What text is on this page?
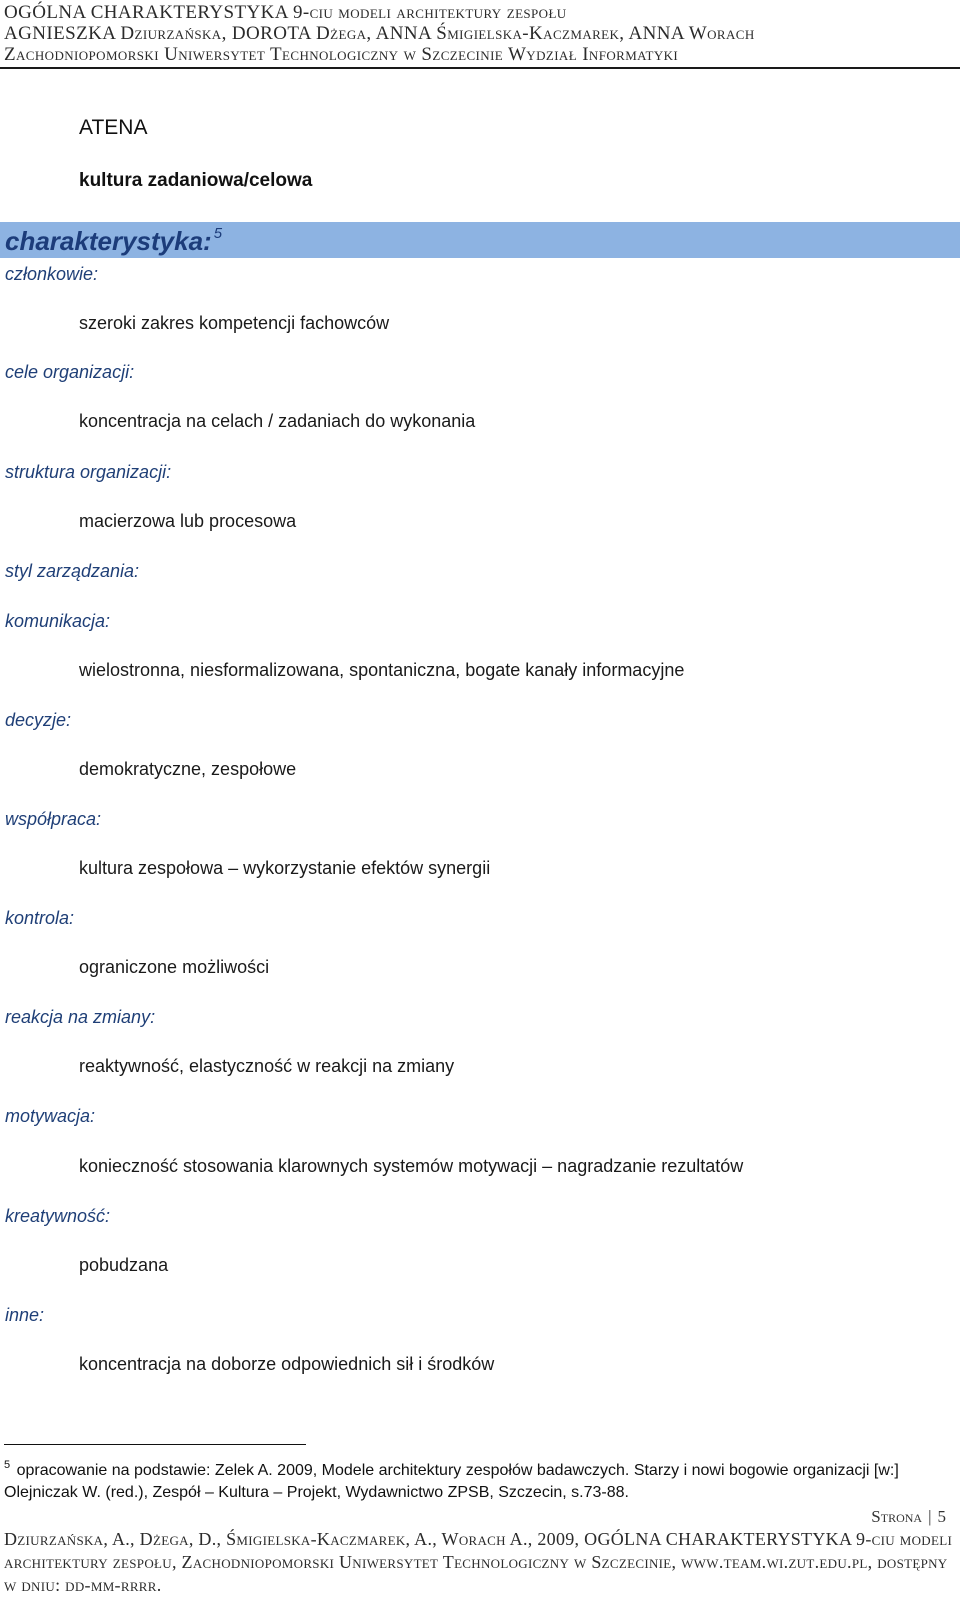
OGÓLNA CHARAKTERYSTYKA 9-ciu modeli architektury zespołu
AGNIESZKA Dziurzańska, DOROTA Dżega, ANNA Śmigielska-Kaczmarek, ANNA Worach
Zachodniopomorski Uniwersytet Technologiczny w Szczecinie Wydział Informatyki
ATENA
kultura zadaniowa/celowa
charakterystyka: $^5$
członkowie:
szeroki zakres kompetencji fachowców
cele organizacji:
koncentracja na celach / zadaniach do wykonania
struktura organizacji:
macierzowa lub procesowa
styl zarządzania:
komunikacja:
wielostronna, niesformalizowana, spontaniczna, bogate kanały informacyjne
decyzje:
demokratyczne, zespołowe
współpraca:
kultura zespołowa – wykorzystanie efektów synergii
kontrola:
ograniczone możliwości
reakcja na zmiany:
reaktywność, elastyczność w reakcji na zmiany
motywacja:
konieczność stosowania klarownych systemów motywacji – nagradzanie rezultatów
kreatywność:
pobudzana
inne:
koncentracja na doborze odpowiednich sił i środków
$^5$ opracowanie na podstawie: Zelek A. 2009, Modele architektury zespołów badawczych. Starzy i nowi bogowie organizacji [w:] Olejniczak W. (red.), Zespół – Kultura – Projekt, Wydawnictwo ZPSB, Szczecin, s.73-88.
Strona | 5
Dziurzańska, A., Dżega, D., Śmigielska-Kaczmarek, A., Worach A., 2009, OGÓLNA CHARAKTERYSTYKA 9-ciu modeli architektury zespołu, Zachodniopomorski Uniwersytet Technologiczny w Szczecinie, www.team.wi.zut.edu.pl, dostępny w dniu: dd-mm-rrrr.
